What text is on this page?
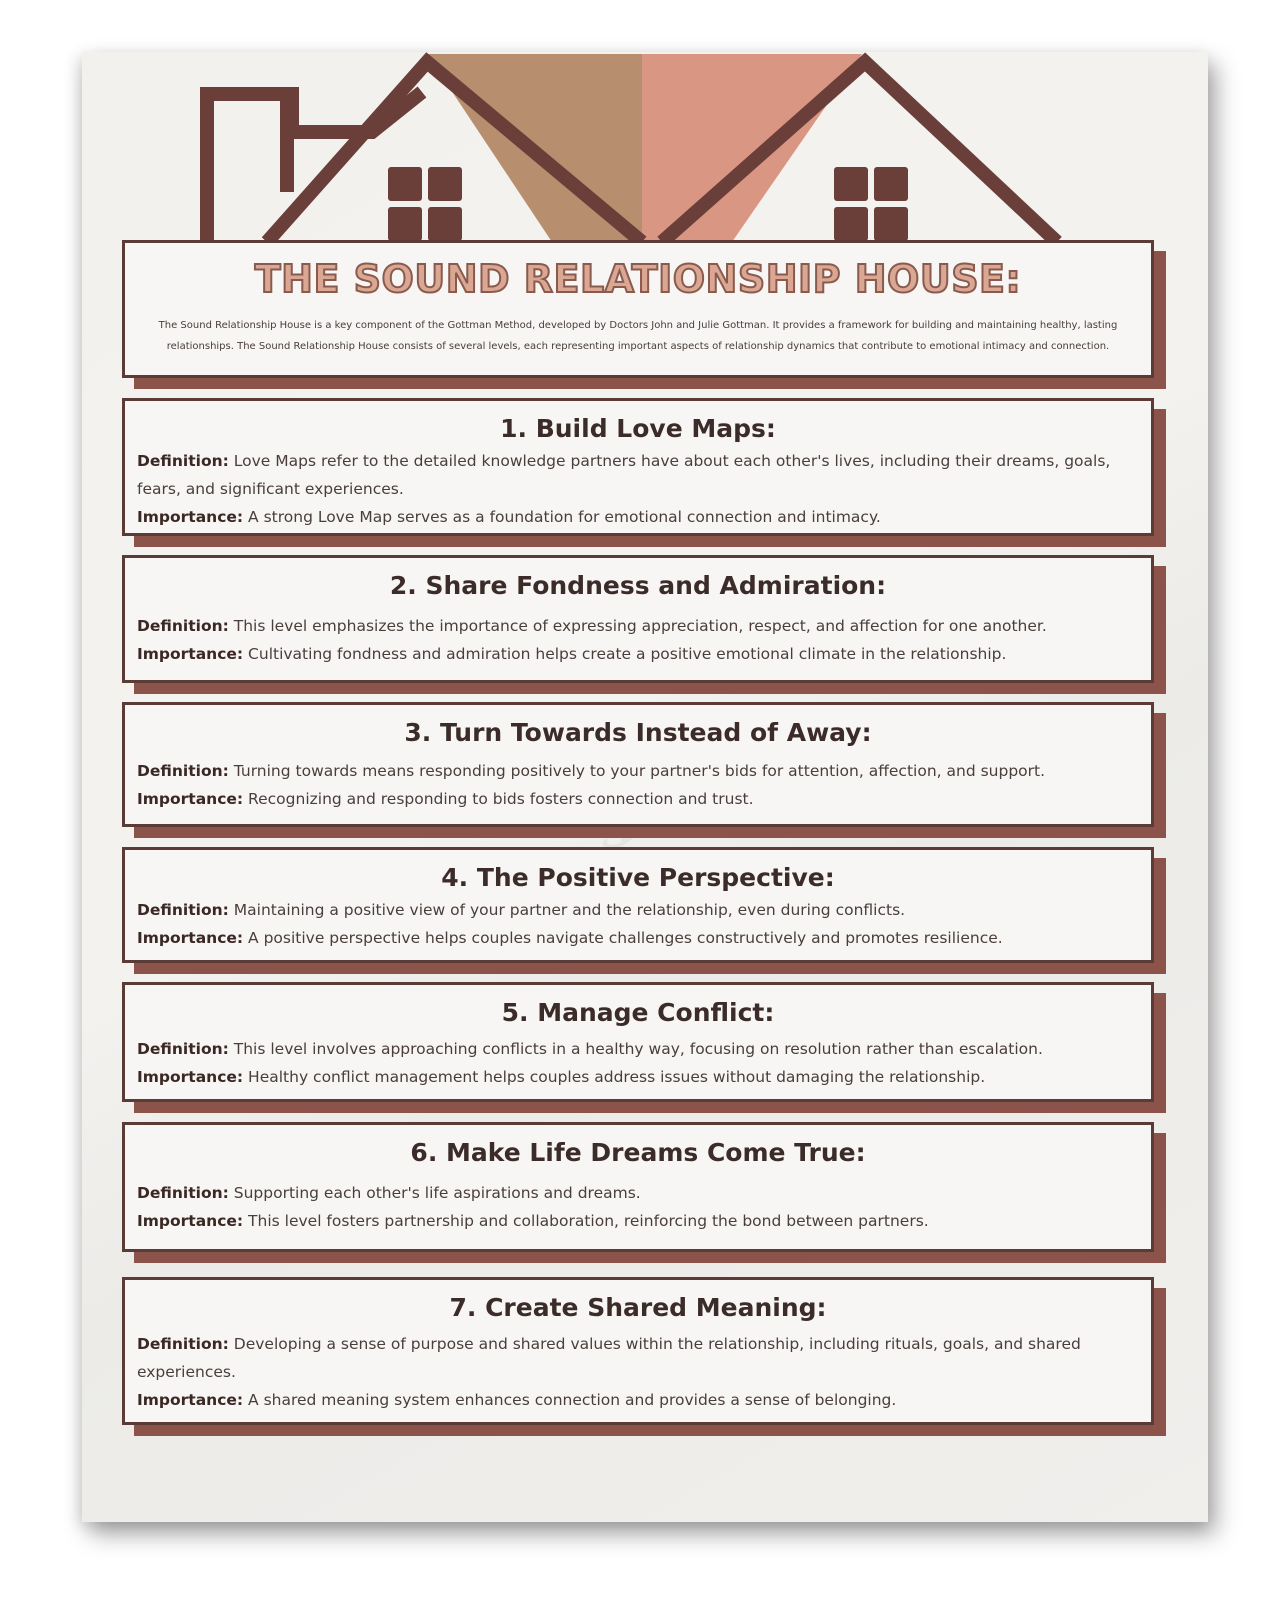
THE SOUND RELATIONSHIP HOUSE:
The Sound Relationship House is a key component of the Gottman Method, developed by Doctors John and Julie Gottman. It provides a framework for building and maintaining healthy, lasting relationships. The Sound Relationship House consists of several levels, each representing important aspects of relationship dynamics that contribute to emotional intimacy and connection.
1. Build Love Maps:
Definition: Love Maps refer to the detailed knowledge partners have about each other's lives, including their dreams, goals, fears, and significant experiences.
Importance: A strong Love Map serves as a foundation for emotional connection and intimacy.
2. Share Fondness and Admiration:
Definition: This level emphasizes the importance of expressing appreciation, respect, and affection for one another.
Importance: Cultivating fondness and admiration helps create a positive emotional climate in the relationship.
3. Turn Towards Instead of Away:
Definition: Turning towards means responding positively to your partner's bids for attention, affection, and support.
Importance: Recognizing and responding to bids fosters connection and trust.
4. The Positive Perspective:
Definition: Maintaining a positive view of your partner and the relationship, even during conflicts.
Importance: A positive perspective helps couples navigate challenges constructively and promotes resilience.
5. Manage Conflict:
Definition: This level involves approaching conflicts in a healthy way, focusing on resolution rather than escalation.
Importance: Healthy conflict management helps couples address issues without damaging the relationship.
6. Make Life Dreams Come True:
Definition: Supporting each other's life aspirations and dreams.
Importance: This level fosters partnership and collaboration, reinforcing the bond between partners.
7. Create Shared Meaning:
Definition: Developing a sense of purpose and shared values within the relationship, including rituals, goals, and shared experiences.
Importance: A shared meaning system enhances connection and provides a sense of belonging.
